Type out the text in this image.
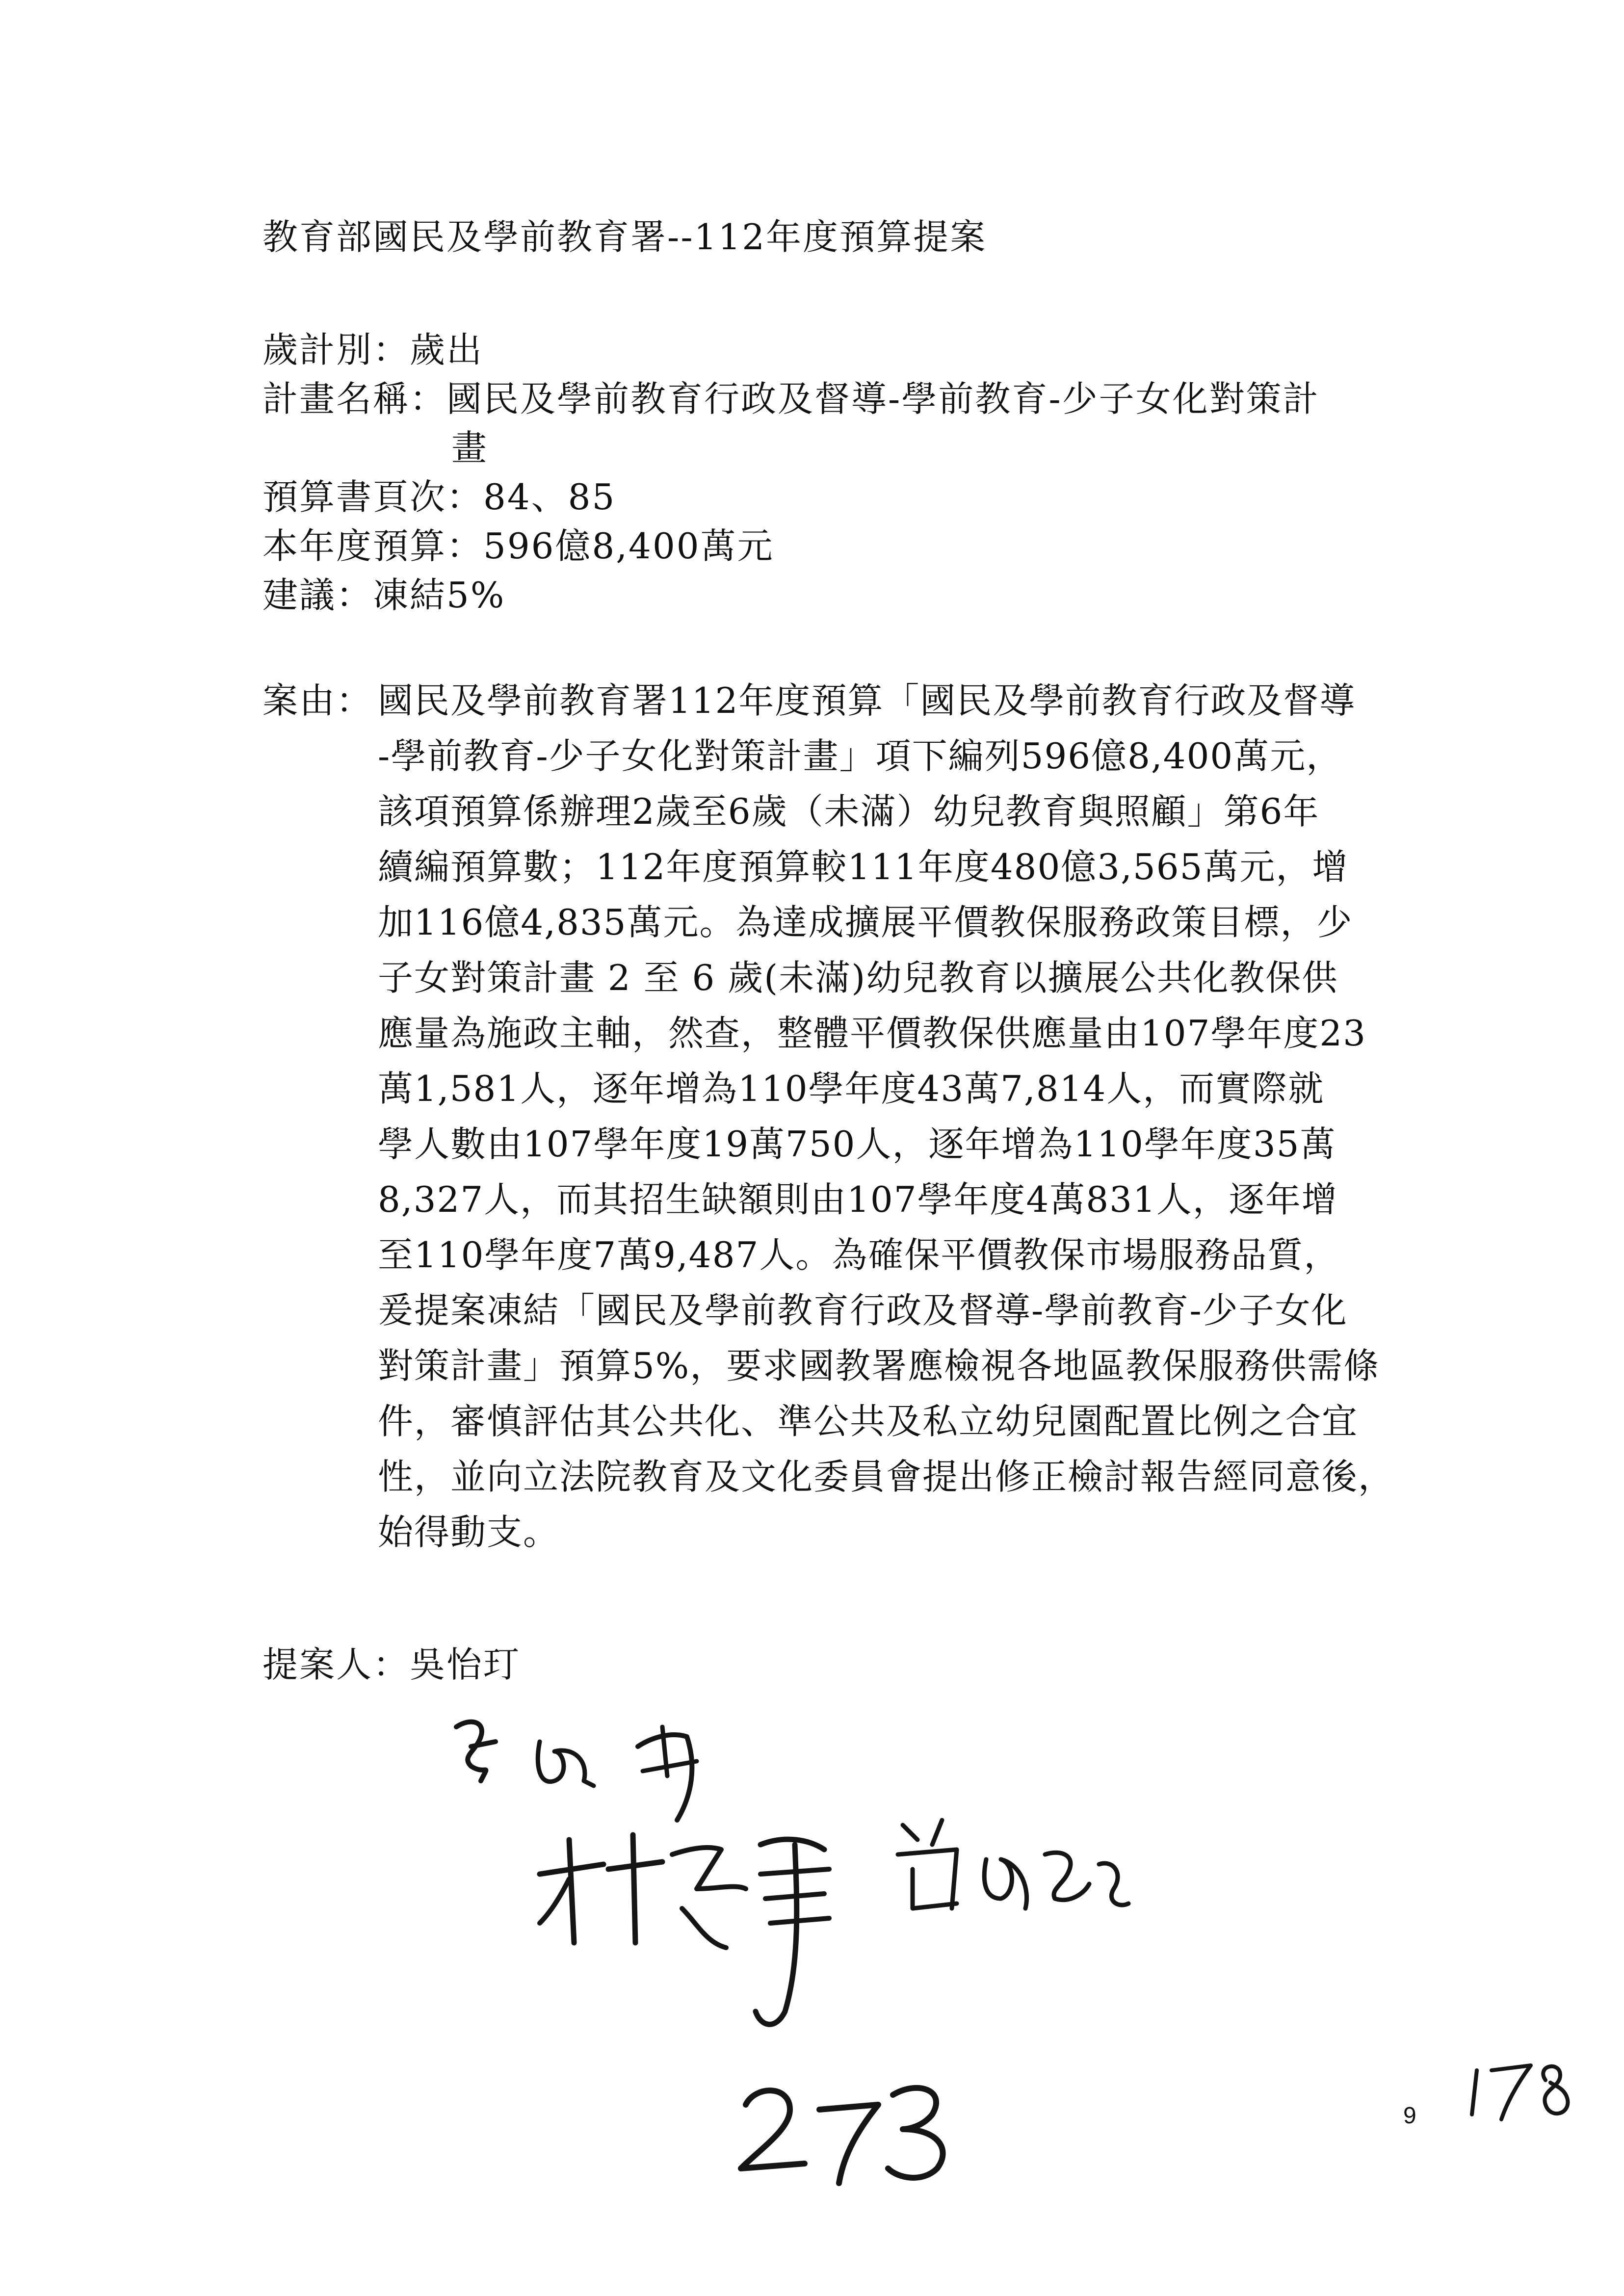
教育部國民及學前教育署--112年度預算提案
歲計別：歲出
計畫名稱：國民及學前教育行政及督導-學前教育-少子女化對策計
畫
預算書頁次：84、85
本年度預算：596億8,400萬元
建議：凍結5%
案由： 國民及學前教育署112年度預算「國民及學前教育行政及督導
-學前教育-少子女化對策計畫」項下編列596億8,400萬元，
該項預算係辦理2歲至6歲（未滿）幼兒教育與照顧」第6年
續編預算數；112年度預算較111年度480億3,565萬元，增
加116億4,835萬元。為達成擴展平價教保服務政策目標，少
子女對策計畫 2 至 6 歲(未滿)幼兒教育以擴展公共化教保供
應量為施政主軸，然查，整體平價教保供應量由107學年度23
萬1,581人，逐年增為110學年度43萬7,814人，而實際就
學人數由107學年度19萬750人，逐年增為110學年度35萬
8,327人，而其招生缺額則由107學年度4萬831人，逐年增
至110學年度7萬9,487人。為確保平價教保市場服務品質，
爰提案凍結「國民及學前教育行政及督導-學前教育-少子女化
對策計畫」預算5%，要求國教署應檢視各地區教保服務供需條
件，審慎評估其公共化、準公共及私立幼兒園配置比例之合宜
性，並向立法院教育及文化委員會提出修正檢討報告經同意後，
始得動支。
提案人：吳怡玎
9
